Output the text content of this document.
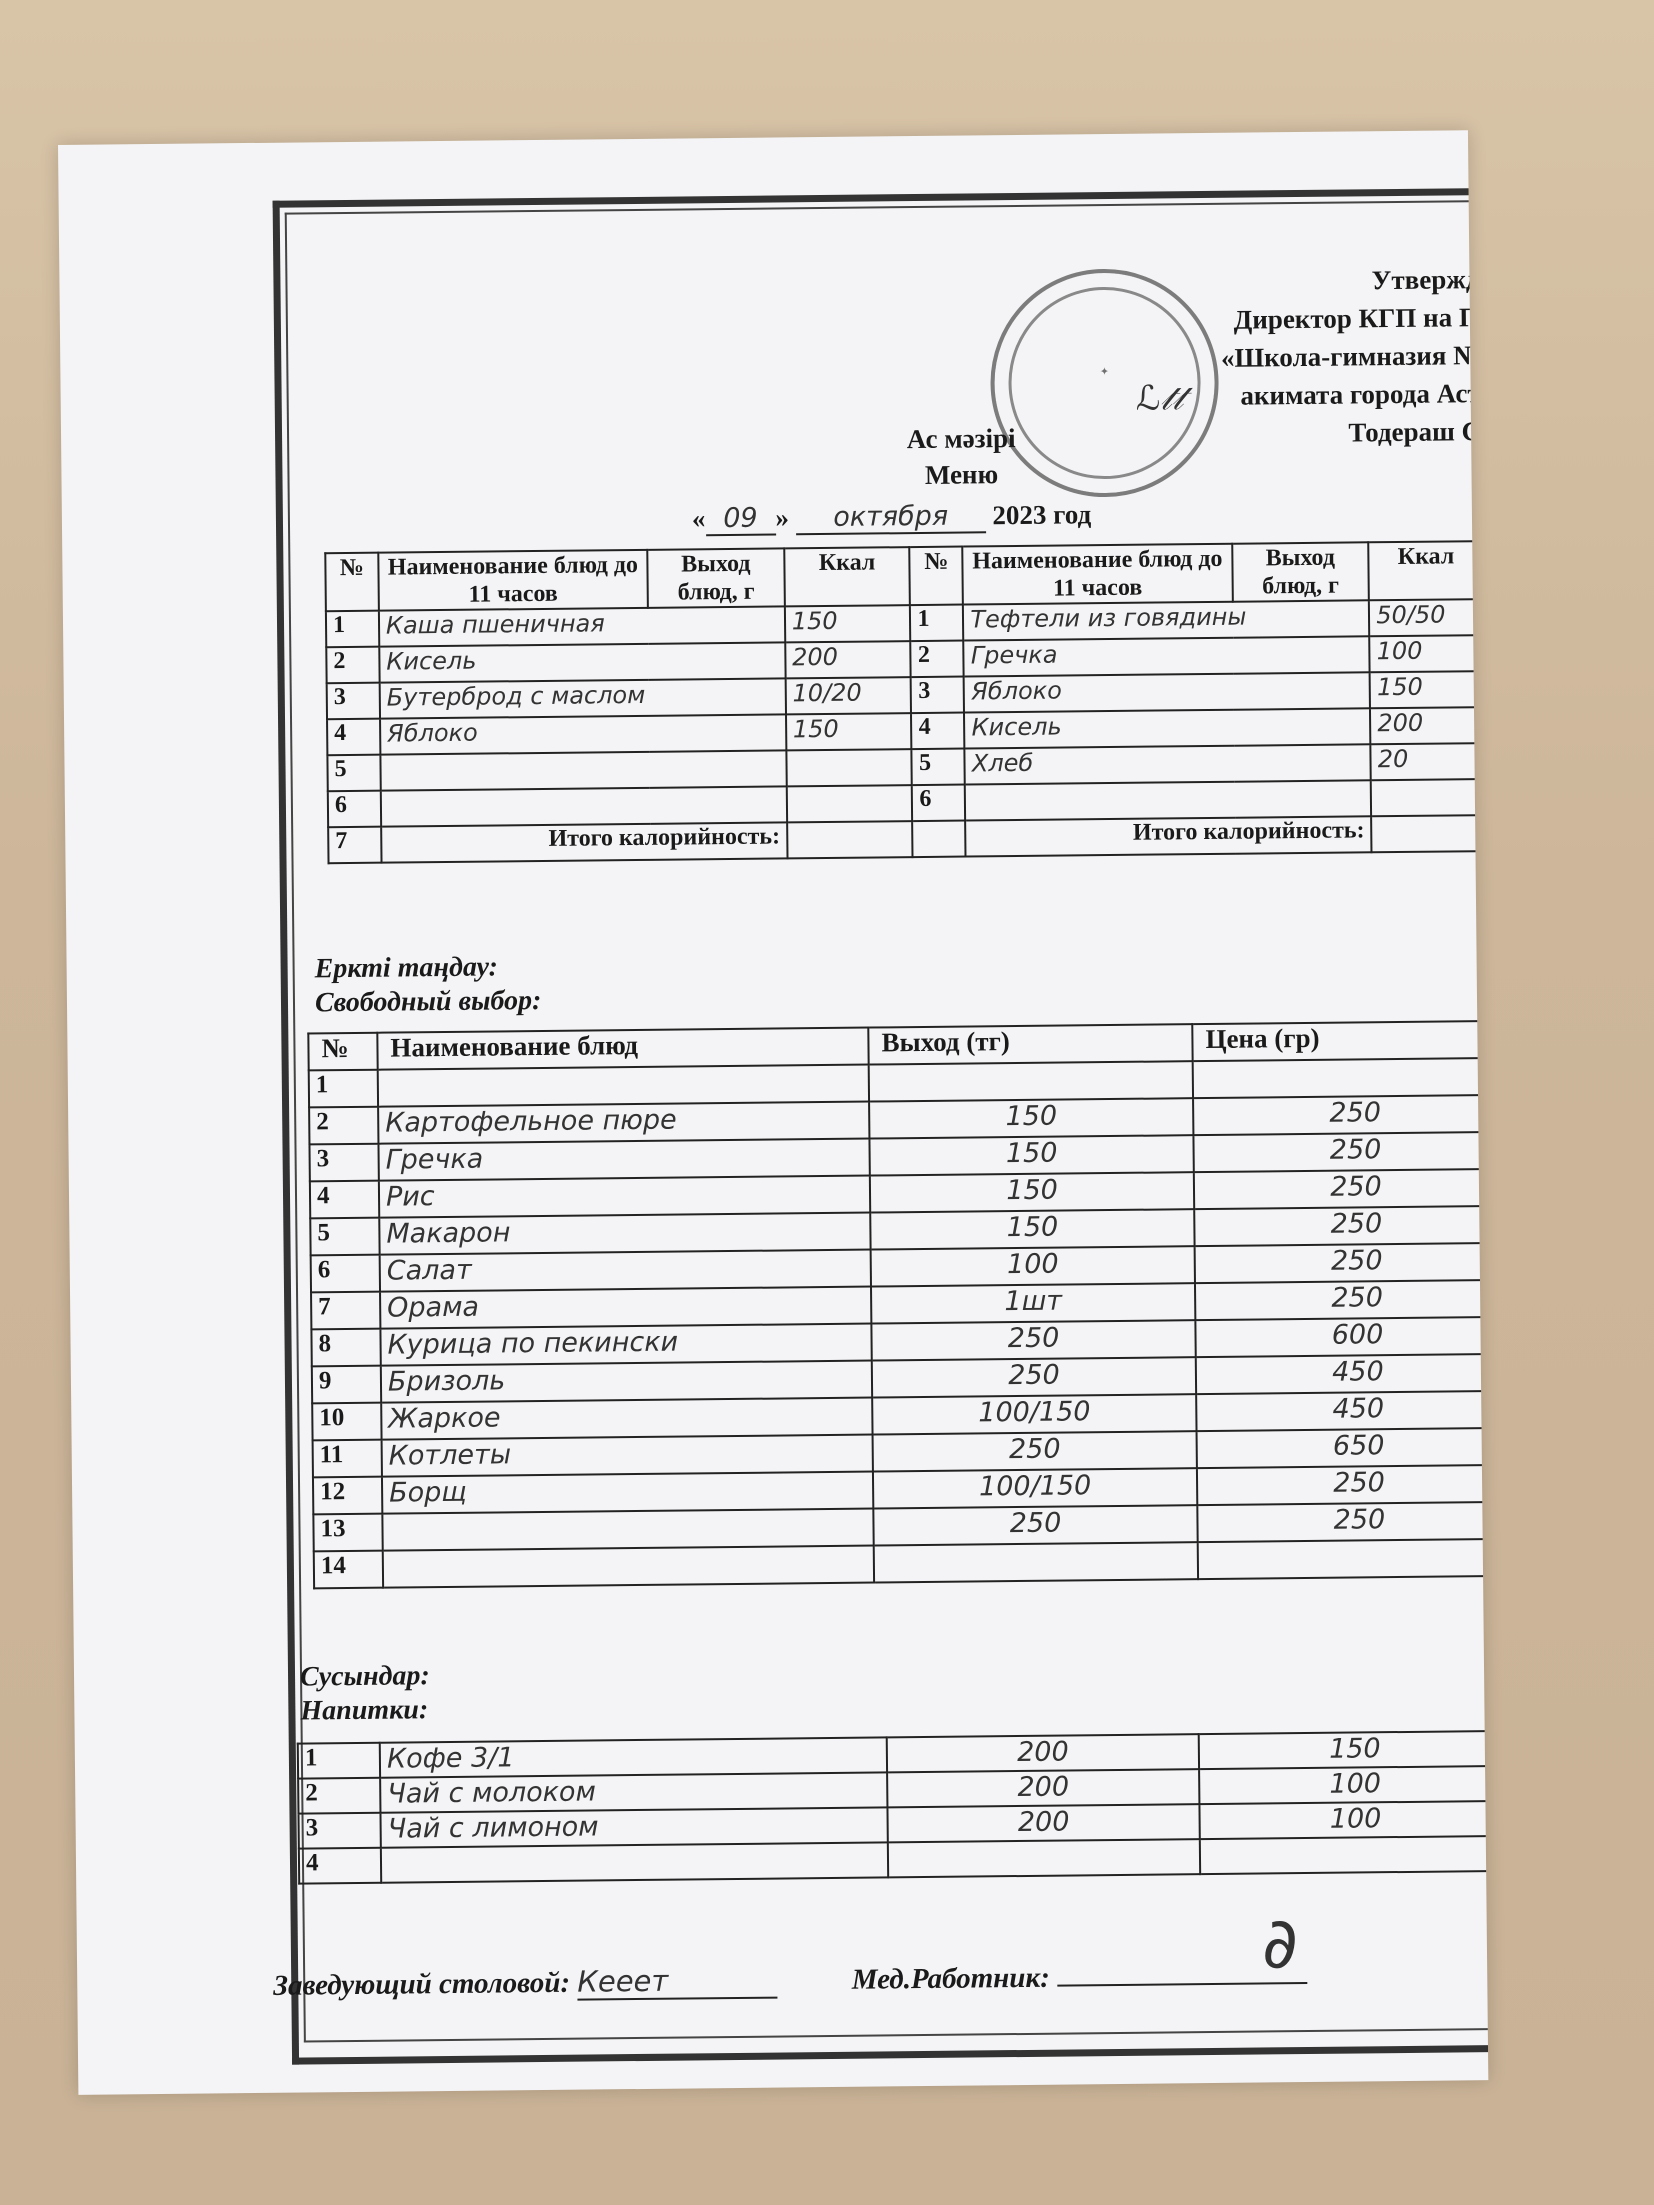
✦
Утвержд

Директор КГП на П
«Школа-гимназия №
акимата города Аст
Тодераш С
ℒ𝓉𝓉
Ас мәзірі
Меню
« 09 » октября 2023 год
№	Наименование блюд до 11 часов	Выход блюд, г	Ккал	№	Наименование блюд до 11 часов	Выход блюд, г	Ккал
1	Каша пшеничная		150	1	Тефтели из говядины		50/50
2	Кисель		200	2	Гречка		100
3	Бутерброд с маслом		10/20	3	Яблоко		150
4	Яблоко		150	4	Кисель		200
5				5	Хлеб		20
6				6			
7	Итого калорийность:				Итого калорийность:		
Еркті таңдау:
Свободный выбор:
№	Наименование блюд	Выход (тг)	Цена (гр)
1			
2	Картофельное пюре	150	250
3	Гречка	150	250
4	Рис	150	250
5	Макарон	150	250
6	Салат	100	250
7	Орама	1шт	250
8	Курица по пекински	250	600
9	Бризоль	250	450
10	Жаркое	100/150	450
11	Котлеты	250	650
12	Борщ	100/150	250
13		250	250
14			
Сусындар:
Напитки:
1	Кофе 3/1	200	150
2	Чай с молоком	200	100
3	Чай с лимоном	200	100
4			
Заведующий столовой: Кееет	Мед.Работник:	∂
